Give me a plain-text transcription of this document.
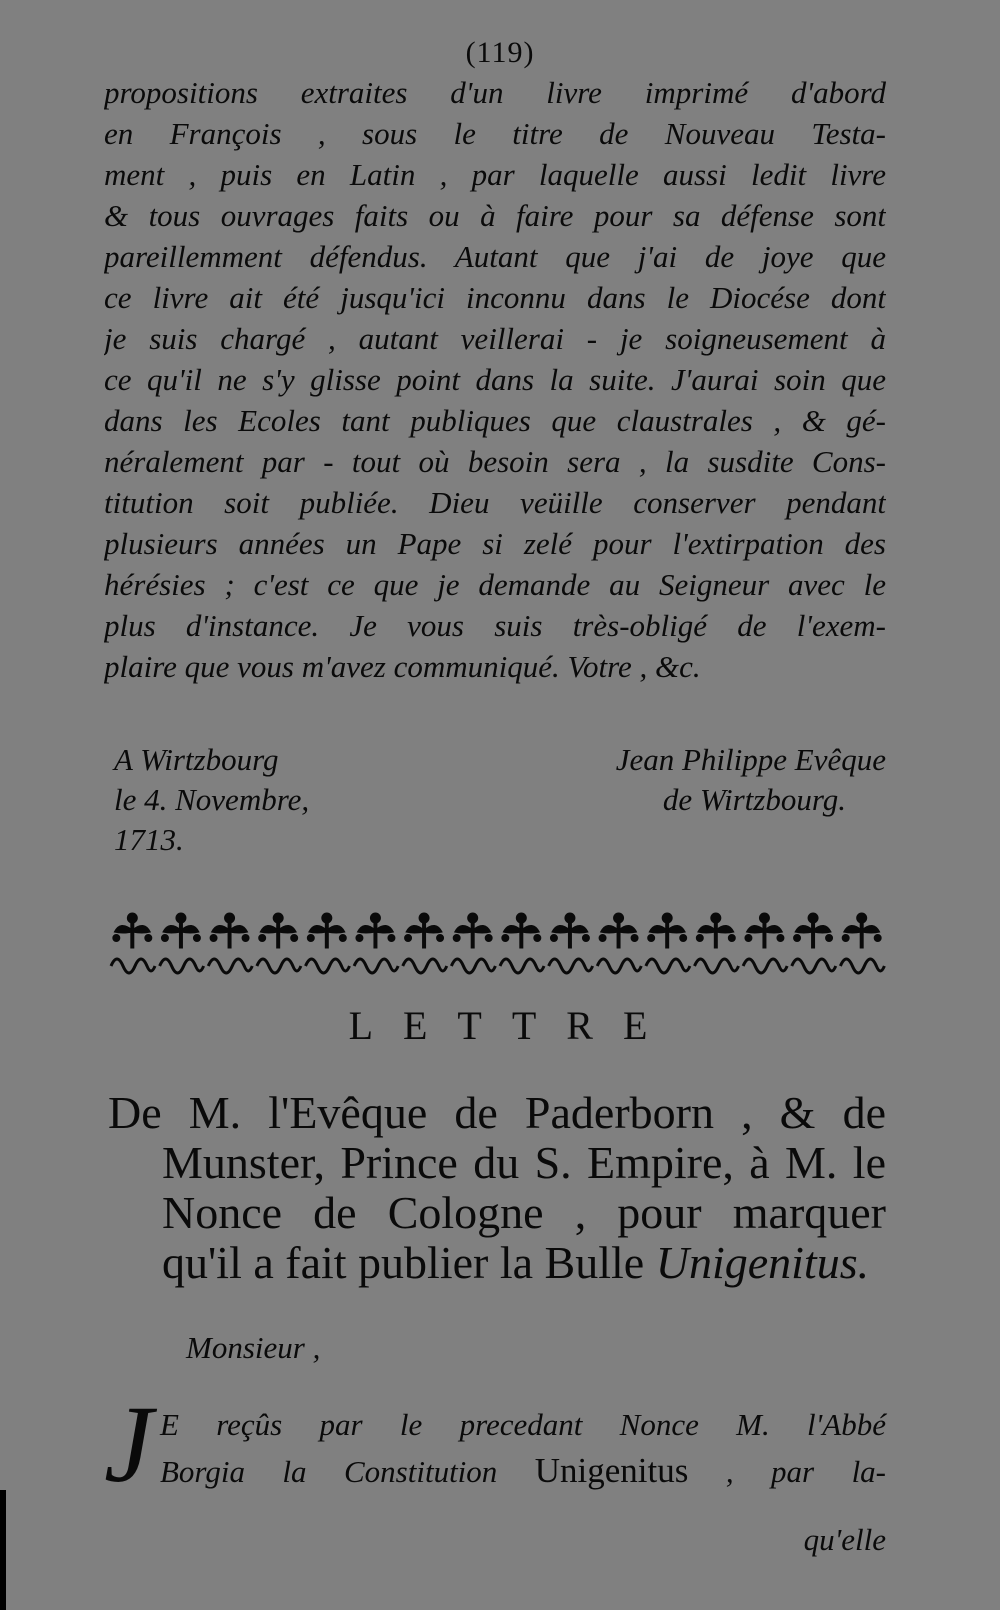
(119)
propositions extraites d'un livre imprimé d'abord
en François , sous le titre de Nouveau Testa-
ment , puis en Latin , par laquelle aussi ledit livre
& tous ouvrages faits ou à faire pour sa défense sont
pareillemment défendus. Autant que j'ai de joye que
ce livre ait été jusqu'ici inconnu dans le Diocése dont
je suis chargé , autant veillerai - je soigneusement à
ce qu'il ne s'y glisse point dans la suite. J'aurai soin que
dans les Ecoles tant publiques que claustrales , & gé-
néralement par - tout où besoin sera , la susdite Cons-
titution soit publiée. Dieu veüille conserver pendant
plusieurs années un Pape si zelé pour l'extirpation des
hérésies ; c'est ce que je demande au Seigneur avec le
plus d'instance. Je vous suis très-obligé de l'exem-
plaire que vous m'avez communiqué. Votre , &c.
A Wirtzbourg
le 4. Novembre,
1713.
Jean Philippe Evêque
de Wirtzbourg.
LETTRE
De M. l'Evêque de Paderborn , & de
Munster, Prince du S. Empire, à M. le
Nonce de Cologne , pour marquer
qu'il a fait publier la Bulle Unigenitus.
Monsieur ,
J E reçûs par le precedant Nonce M. l'Abbé
Borgia la Constitution Unigenitus , par la-
qu'elle
